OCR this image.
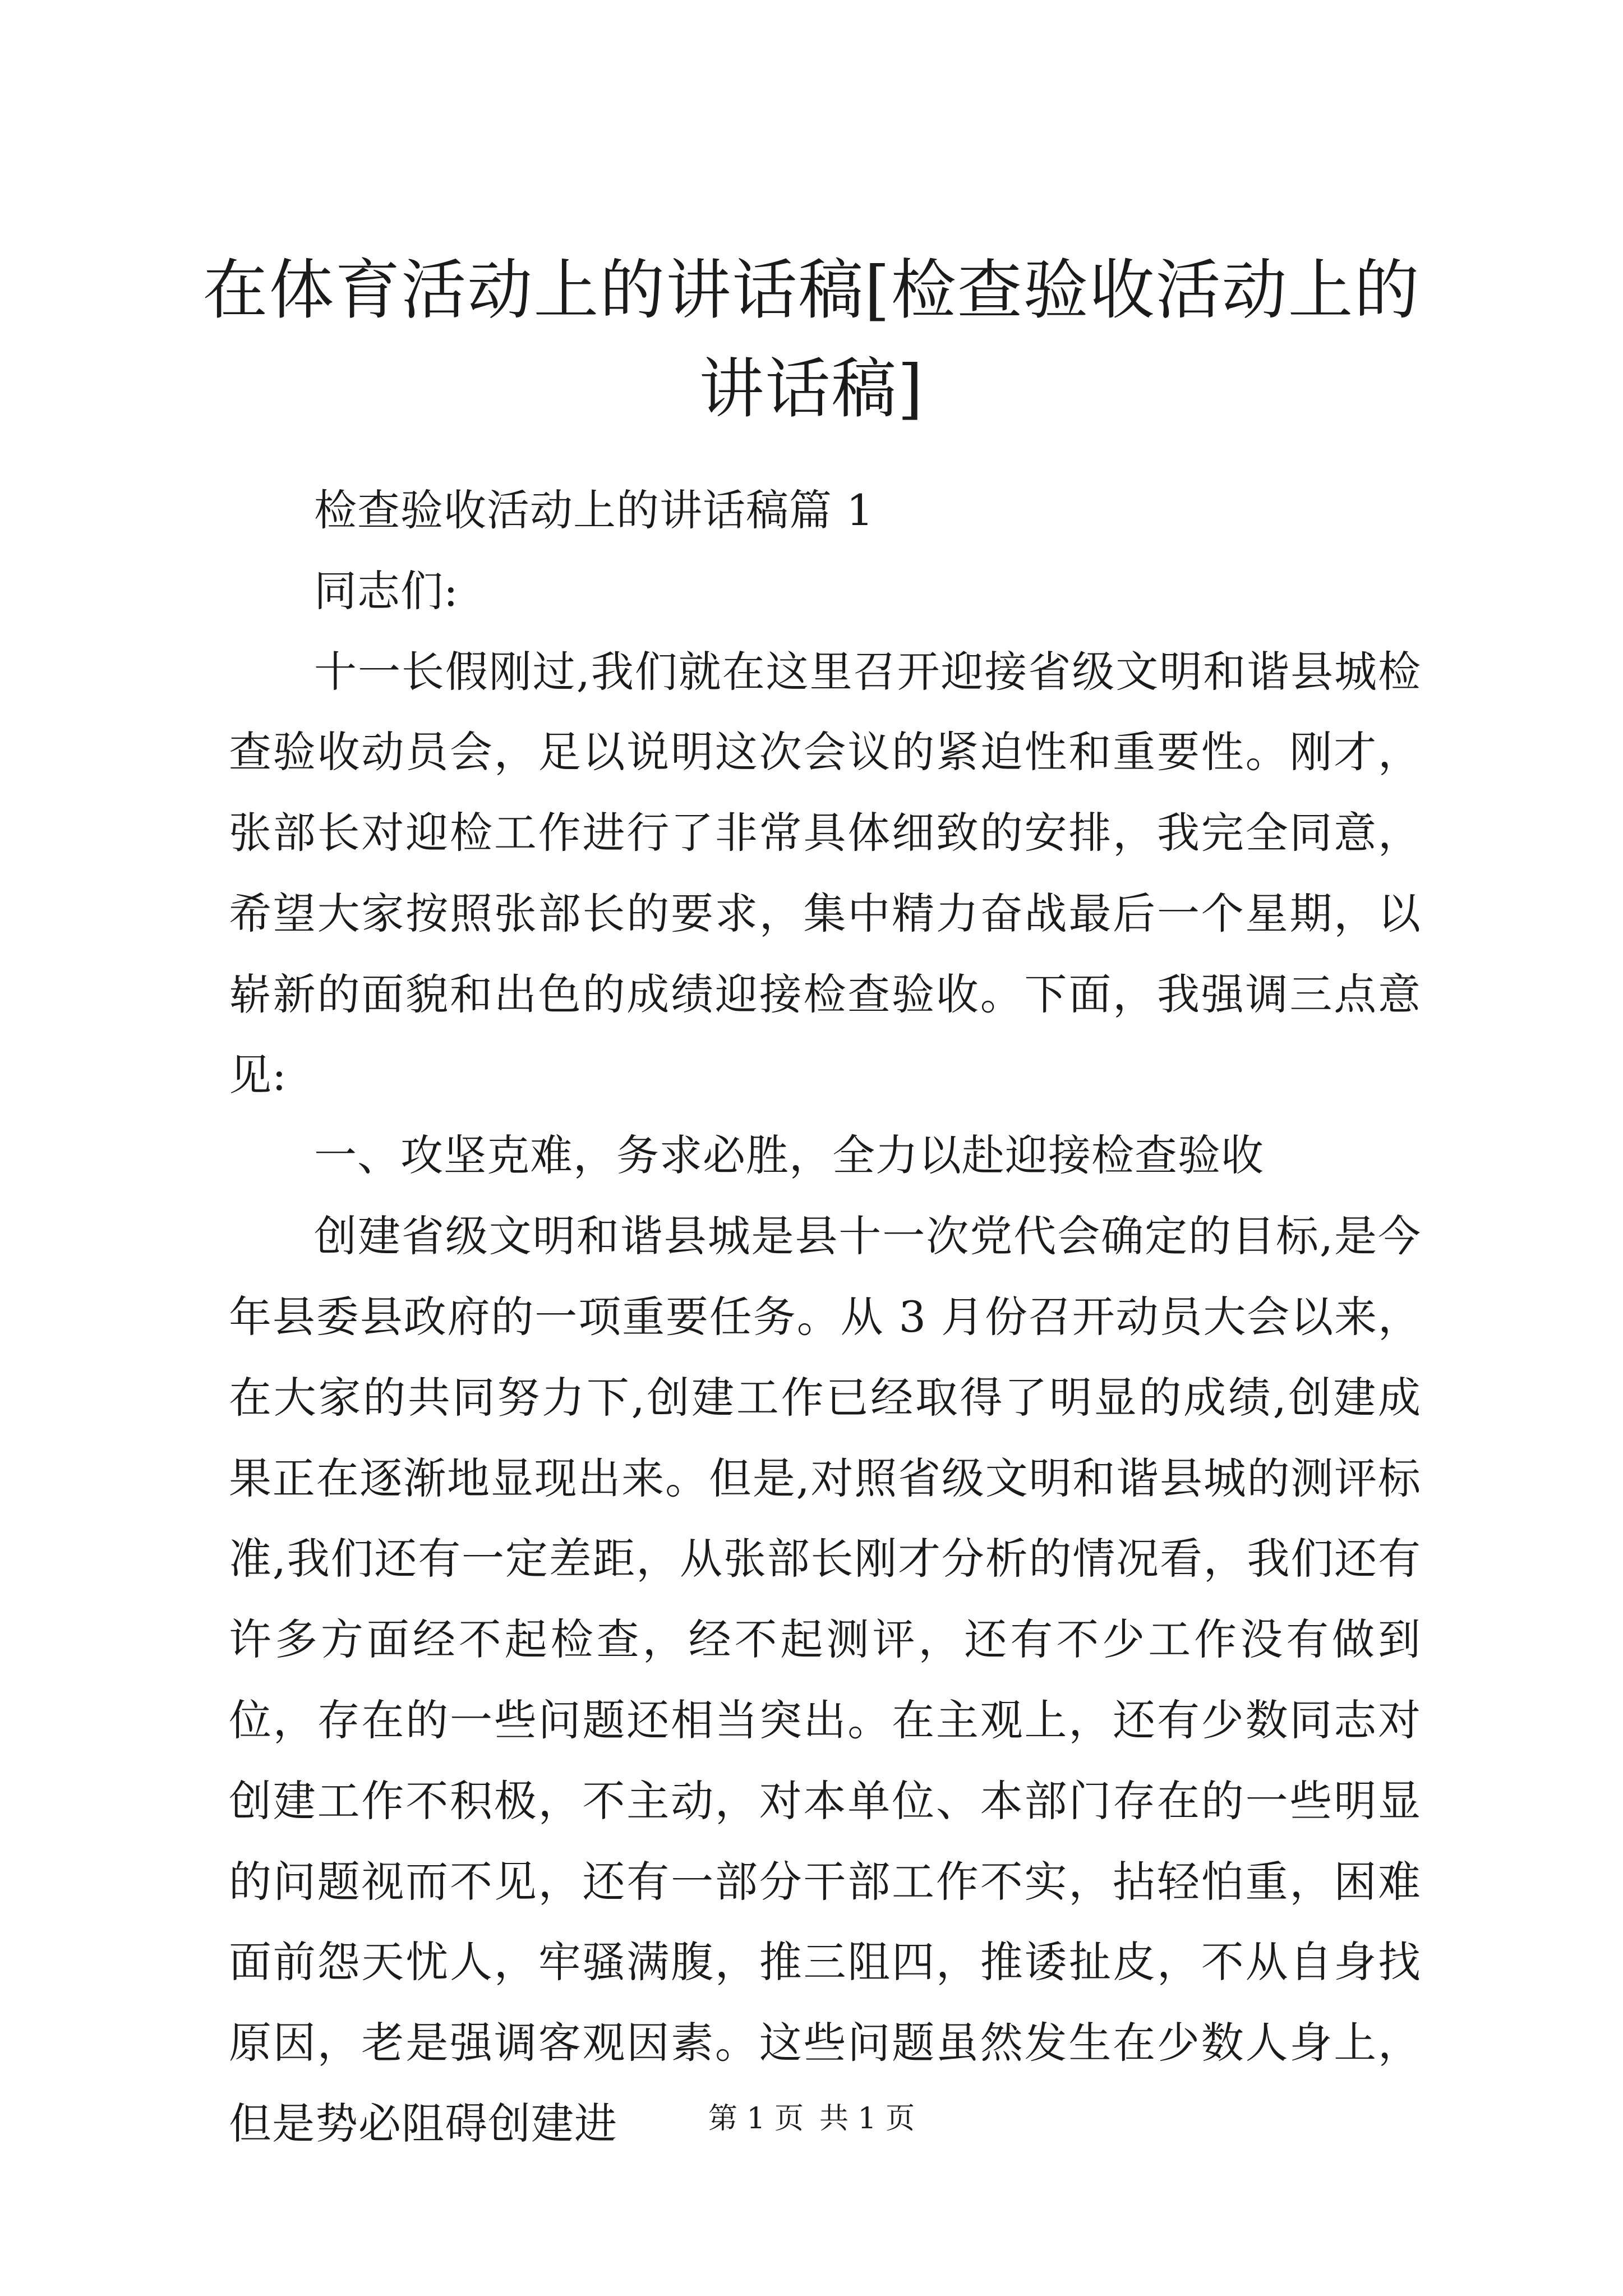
在体育活动上的讲话稿[检查验收活动上的讲话稿]

检查验收活动上的讲话稿篇 1

同志们:

十一长假刚过,我们就在这里召开迎接省级文明和谐县城检查验收动员会，足以说明这次会议的紧迫性和重要性。刚才，张部长对迎检工作进行了非常具体细致的安排，我完全同意，希望大家按照张部长的要求，集中精力奋战最后一个星期，以崭新的面貌和出色的成绩迎接检查验收。下面，我强调三点意见:

一、攻坚克难，务求必胜，全力以赴迎接检查验收

创建省级文明和谐县城是县十一次党代会确定的目标,是今年县委县政府的一项重要任务。从 3 月份召开动员大会以来，在大家的共同努力下,创建工作已经取得了明显的成绩,创建成果正在逐渐地显现出来。但是,对照省级文明和谐县城的测评标准,我们还有一定差距，从张部长刚才分析的情况看，我们还有许多方面经不起检查，经不起测评，还有不少工作没有做到位，存在的一些问题还相当突出。在主观上，还有少数同志对创建工作不积极，不主动，对本单位、本部门存在的一些明显的问题视而不见，还有一部分干部工作不实，拈轻怕重，困难面前怨天忧人，牢骚满腹，推三阻四，推诿扯皮，不从自身找原因，老是强调客观因素。这些问题虽然发生在少数人身上，但是势必阻碍创建进	第 1 页 共 1 页
